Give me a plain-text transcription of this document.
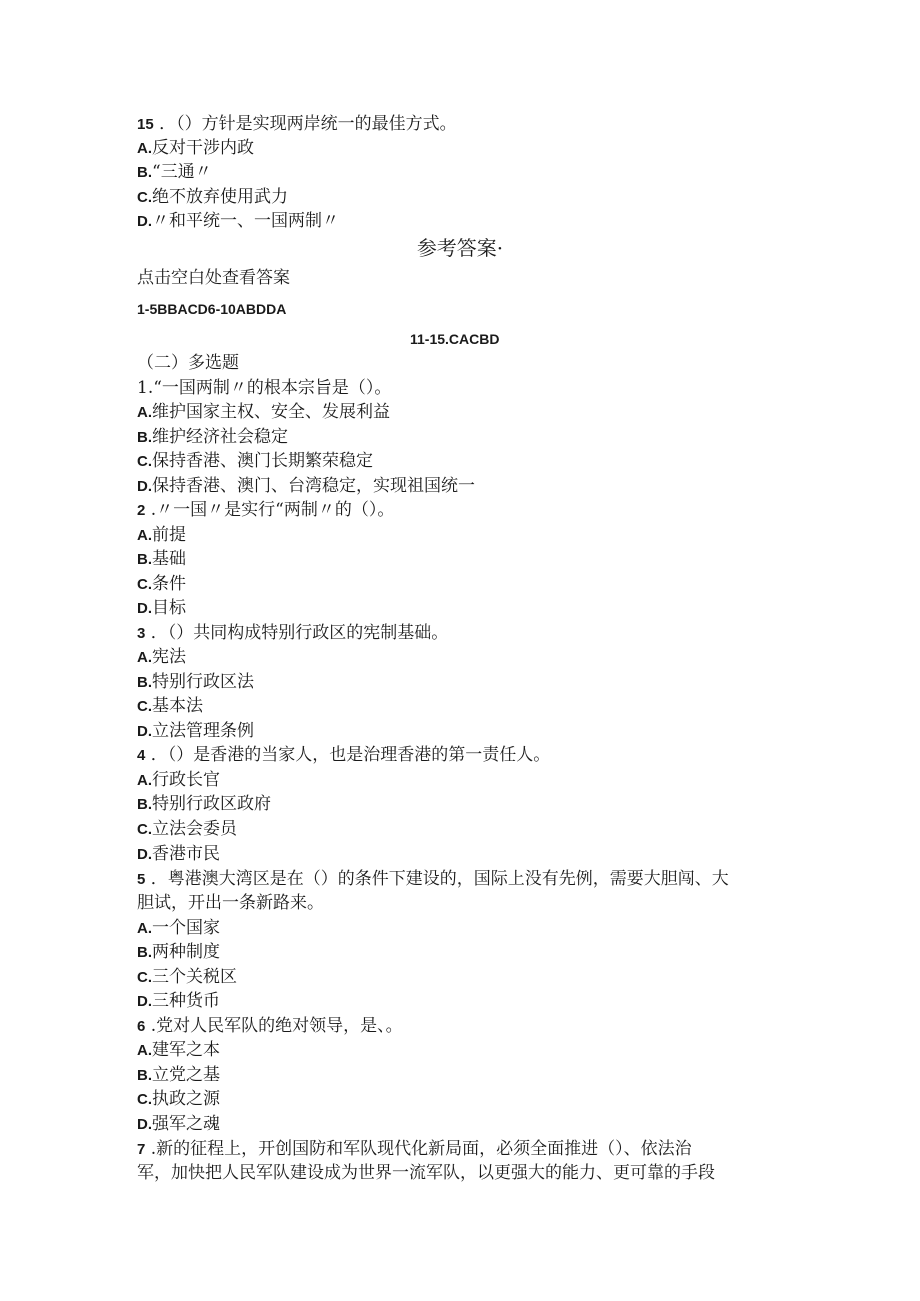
15 ．（）方针是实现两岸统一的最佳方式。
A.反对干涉内政
B.“三通〃
C.绝不放弃使用武力
D.〃和平统一、一国两制〃
参考答案·
点击空白处查看答案
1-5BBACD6-10ABDDA
11-15.CACBD
（二）多选题
1.“一国两制〃的根本宗旨是（）。
A.维护国家主权、安全、发展利益
B.维护经济社会稳定
C.保持香港、澳门长期繁荣稳定
D.保持香港、澳门、台湾稳定，实现祖国统一
2 .〃一国〃是实行“两制〃的（）。
A.前提
B.基础
C.条件
D.目标
3 ．（）共同构成特别行政区的宪制基础。
A.宪法
B.特别行政区法
C.基本法
D.立法管理条例
4 ．（）是香港的当家人，也是治理香港的第一责任人。
A.行政长官
B.特别行政区政府
C.立法会委员
D.香港市民
5 ．粤港澳大湾区是在（）的条件下建设的，国际上没有先例，需要大胆闯、大
胆试，开出一条新路来。
A.一个国家
B.两种制度
C.三个关税区
D.三种货币
6 .党对人民军队的绝对领导，是、。
A.建军之本
B.立党之基
C.执政之源
D.强军之魂
7 .新的征程上，开创国防和军队现代化新局面，必须全面推进（）、依法治
军，加快把人民军队建设成为世界一流军队，以更强大的能力、更可靠的手段
